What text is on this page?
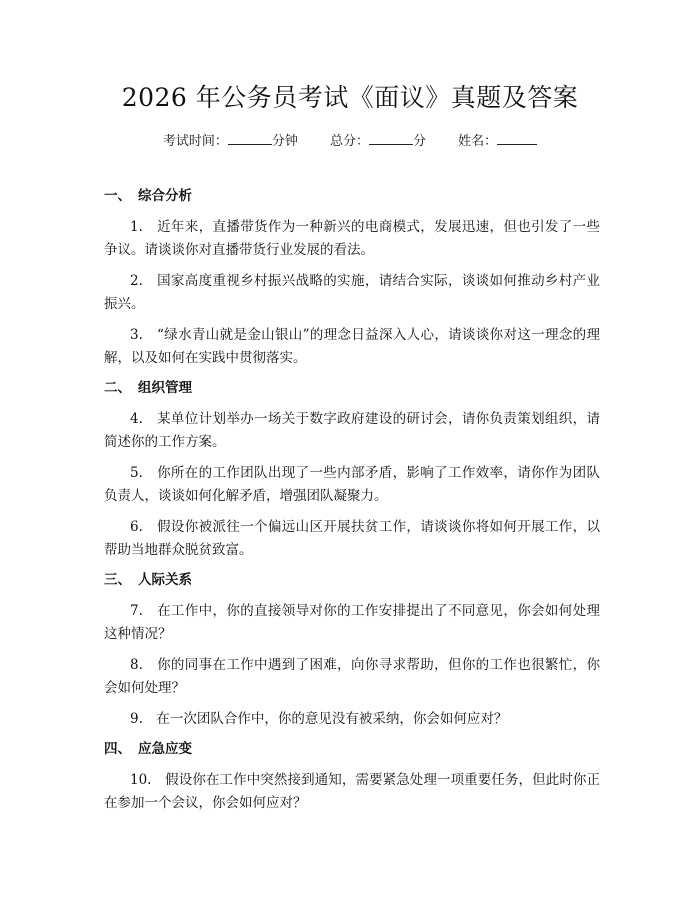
2026 年公务员考试《面议》真题及答案
考试时间：	分钟 总分：	分 姓名：
一、 综合分析

1.　近年来，直播带货作为一种新兴的电商模式，发展迅速，但也引发了一些争议。请谈谈你对直播带货行业发展的看法。

2.　国家高度重视乡村振兴战略的实施，请结合实际，谈谈如何推动乡村产业振兴。

3.　“绿水青山就是金山银山”的理念日益深入人心，请谈谈你对这一理念的理解，以及如何在实践中贯彻落实。

二、 组织管理

4.　某单位计划举办一场关于数字政府建设的研讨会，请你负责策划组织，请简述你的工作方案。

5.　你所在的工作团队出现了一些内部矛盾，影响了工作效率，请你作为团队负责人，谈谈如何化解矛盾，增强团队凝聚力。

6.　假设你被派往一个偏远山区开展扶贫工作，请谈谈你将如何开展工作，以帮助当地群众脱贫致富。

三、 人际关系

7.　在工作中，你的直接领导对你的工作安排提出了不同意见，你会如何处理这种情况？

8.　你的同事在工作中遇到了困难，向你寻求帮助，但你的工作也很繁忙，你会如何处理？

9.　在一次团队合作中，你的意见没有被采纳，你会如何应对？

四、 应急应变

10.　假设你在工作中突然接到通知，需要紧急处理一项重要任务，但此时你正在参加一个会议，你会如何应对？
